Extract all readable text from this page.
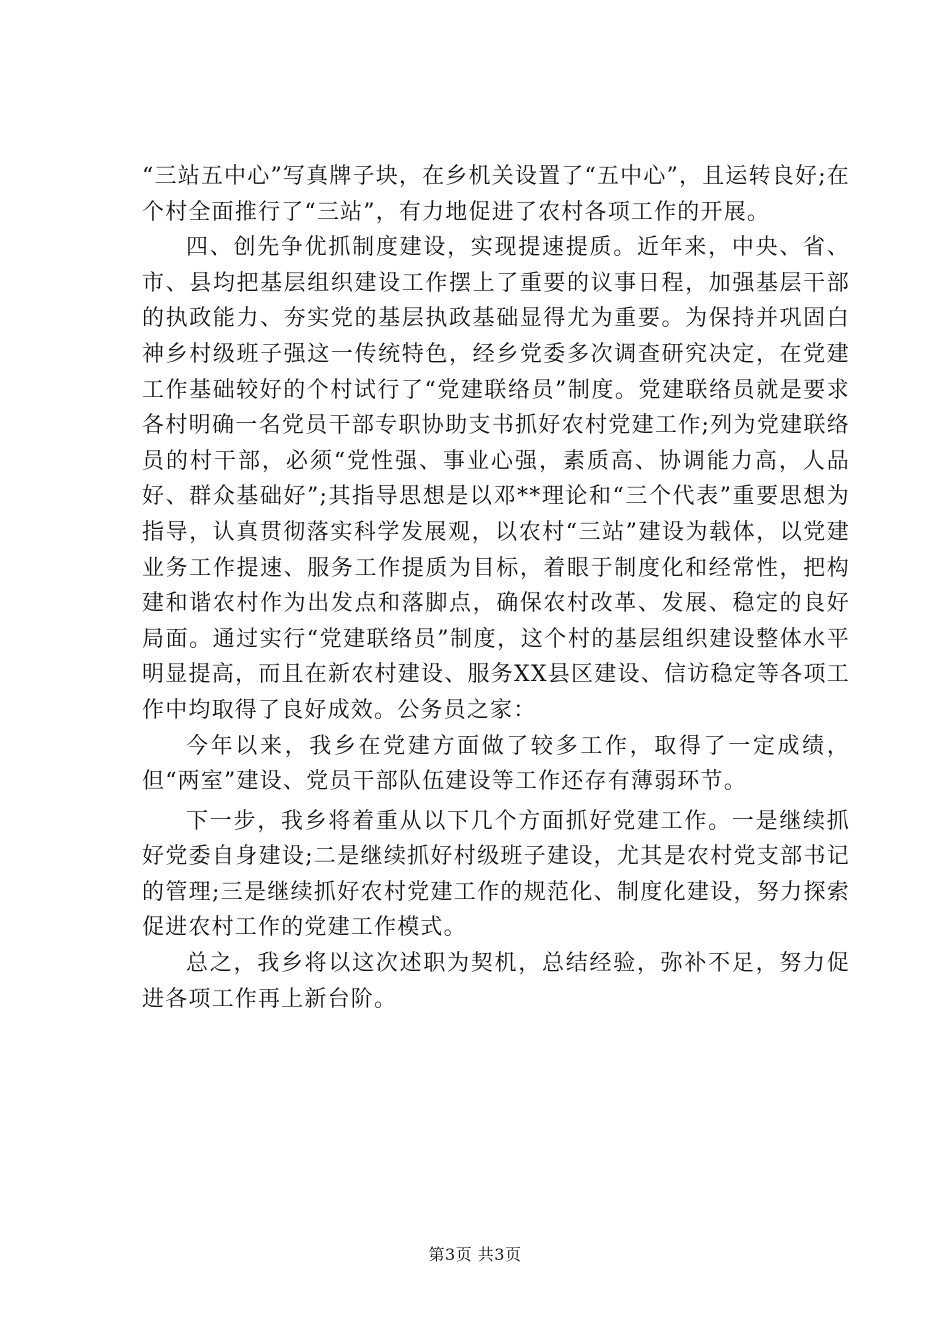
“三站五中心”写真牌子块，在乡机关设置了“五中心”，且运转良好;在个村全面推行了“三站”，有力地促进了农村各项工作的开展。

四、创先争优抓制度建设，实现提速提质。近年来，中央、省、市、县均把基层组织建设工作摆上了重要的议事日程，加强基层干部的执政能力、夯实党的基层执政基础显得尤为重要。为保持并巩固白神乡村级班子强这一传统特色，经乡党委多次调查研究决定，在党建工作基础较好的个村试行了“党建联络员”制度。党建联络员就是要求各村明确一名党员干部专职协助支书抓好农村党建工作;列为党建联络员的村干部，必须“党性强、事业心强，素质高、协调能力高，人品好、群众基础好”;其指导思想是以邓**理论和“三个代表”重要思想为指导，认真贯彻落实科学发展观，以农村“三站”建设为载体，以党建业务工作提速、服务工作提质为目标，着眼于制度化和经常性，把构建和谐农村作为出发点和落脚点，确保农村改革、发展、稳定的良好局面。通过实行“党建联络员”制度，这个村的基层组织建设整体水平明显提高，而且在新农村建设、服务XX县区建设、信访稳定等各项工作中均取得了良好成效。公务员之家：

今年以来，我乡在党建方面做了较多工作，取得了一定成绩，但“两室”建设、党员干部队伍建设等工作还存有薄弱环节。

下一步，我乡将着重从以下几个方面抓好党建工作。一是继续抓好党委自身建设;二是继续抓好村级班子建设，尤其是农村党支部书记的管理;三是继续抓好农村党建工作的规范化、制度化建设，努力探索促进农村工作的党建工作模式。

总之，我乡将以这次述职为契机，总结经验，弥补不足，努力促进各项工作再上新台阶。

第3页 共3页
